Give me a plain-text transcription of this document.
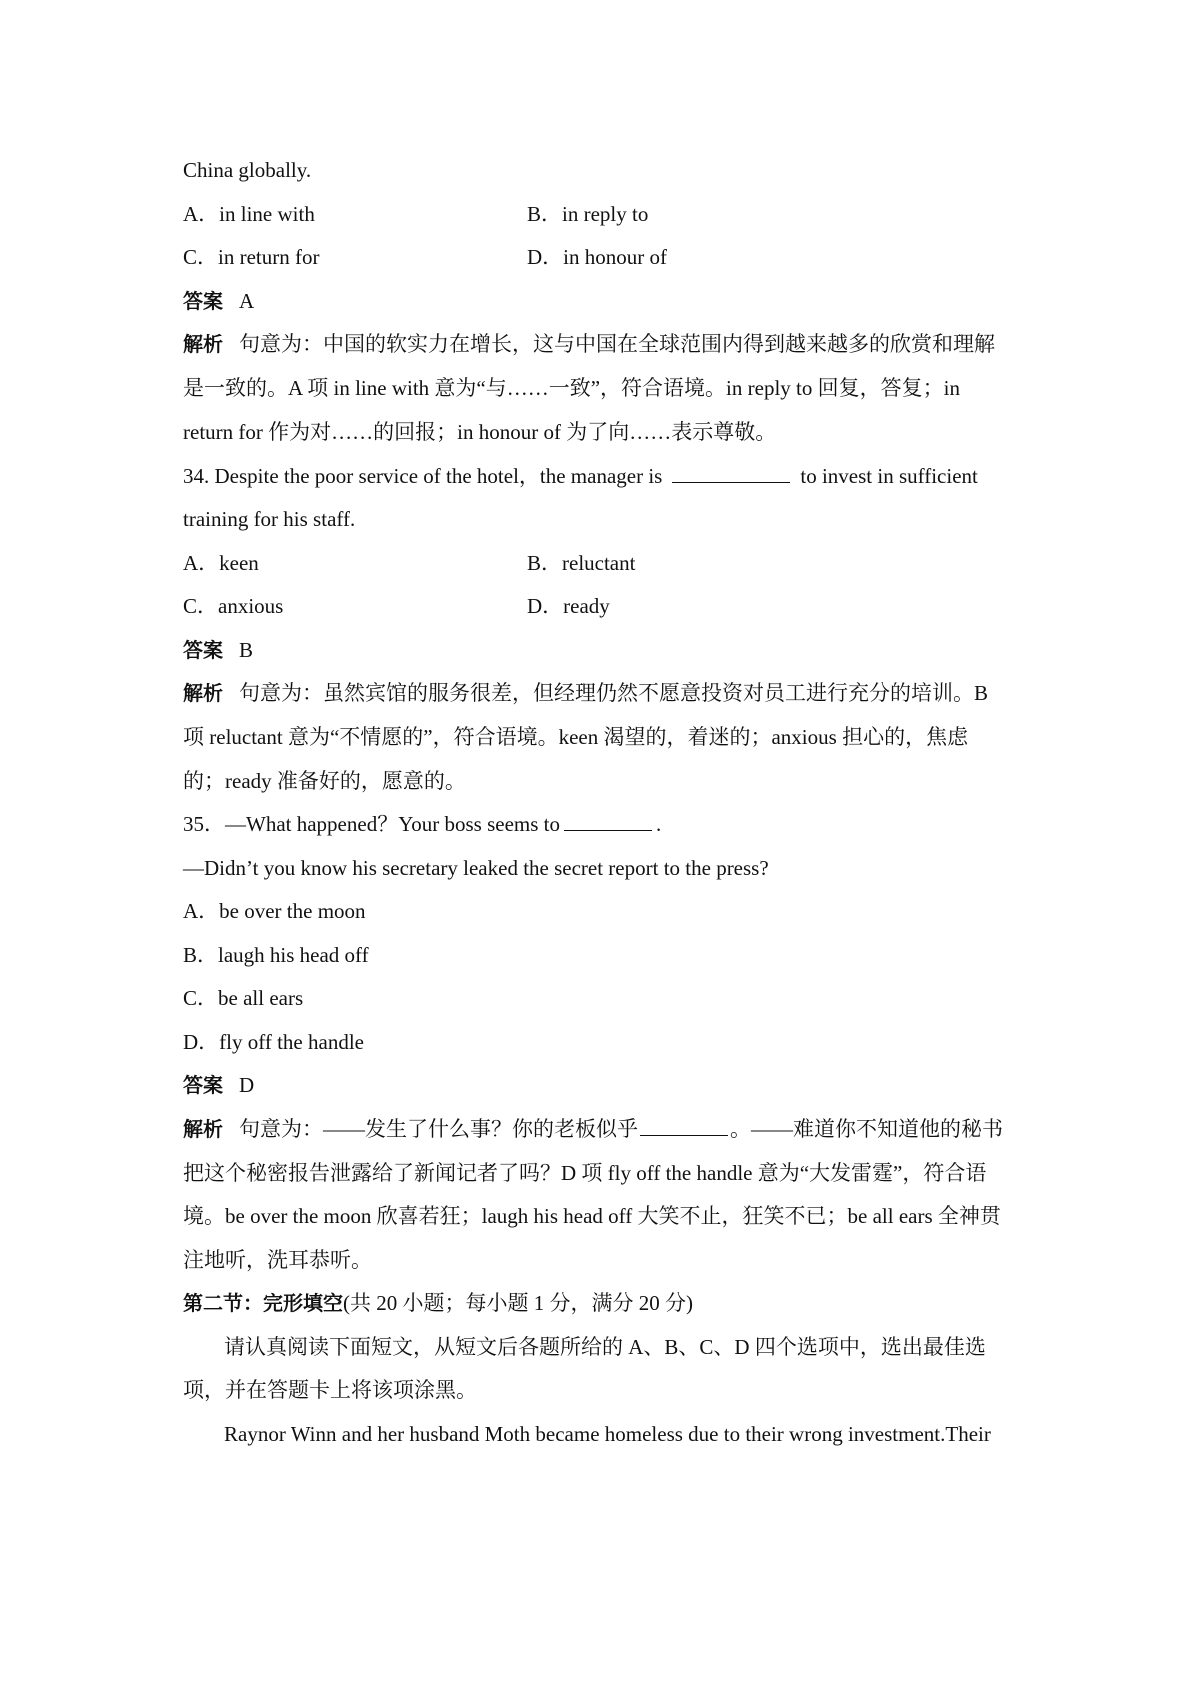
China globally.
A．in line with	B．in reply to
C．in return for	D．in honour of
答案 A
解析 句意为：中国的软实力在增长，这与中国在全球范围内得到越来越多的欣赏和理解
是一致的。A 项 in line with 意为“与……一致”，符合语境。in reply to 回复，答复；in
return for 作为对……的回报；in honour of 为了向……表示尊敬。
34. Despite the poor service of the hotel，the manager is	to invest in sufficient
training for his staff.
A．keen	B．reluctant
C．anxious	D．ready
答案 B
解析 句意为：虽然宾馆的服务很差，但经理仍然不愿意投资对员工进行充分的培训。B
项 reluctant 意为“不情愿的”，符合语境。keen 渴望的，着迷的；anxious 担心的，焦虑
的；ready 准备好的，愿意的。
35．—What happened？Your boss seems to	.
—Didn’t you know his secretary leaked the secret report to the press?
A．be over the moon
B．laugh his head off
C．be all ears
D．fly off the handle
答案 D
解析 句意为：——发生了什么事？你的老板似乎	。——难道你不知道他的秘书
把这个秘密报告泄露给了新闻记者了吗？D 项 fly off the handle 意为“大发雷霆”，符合语
境。be over the moon 欣喜若狂；laugh his head off 大笑不止，狂笑不已；be all ears 全神贯
注地听，洗耳恭听。
第二节：完形填空(共 20 小题；每小题 1 分，满分 20 分)
请认真阅读下面短文，从短文后各题所给的 A、B、C、D 四个选项中，选出最佳选
项，并在答题卡上将该项涂黑。
Raynor Winn and her husband Moth became homeless due to their wrong investment.Their
